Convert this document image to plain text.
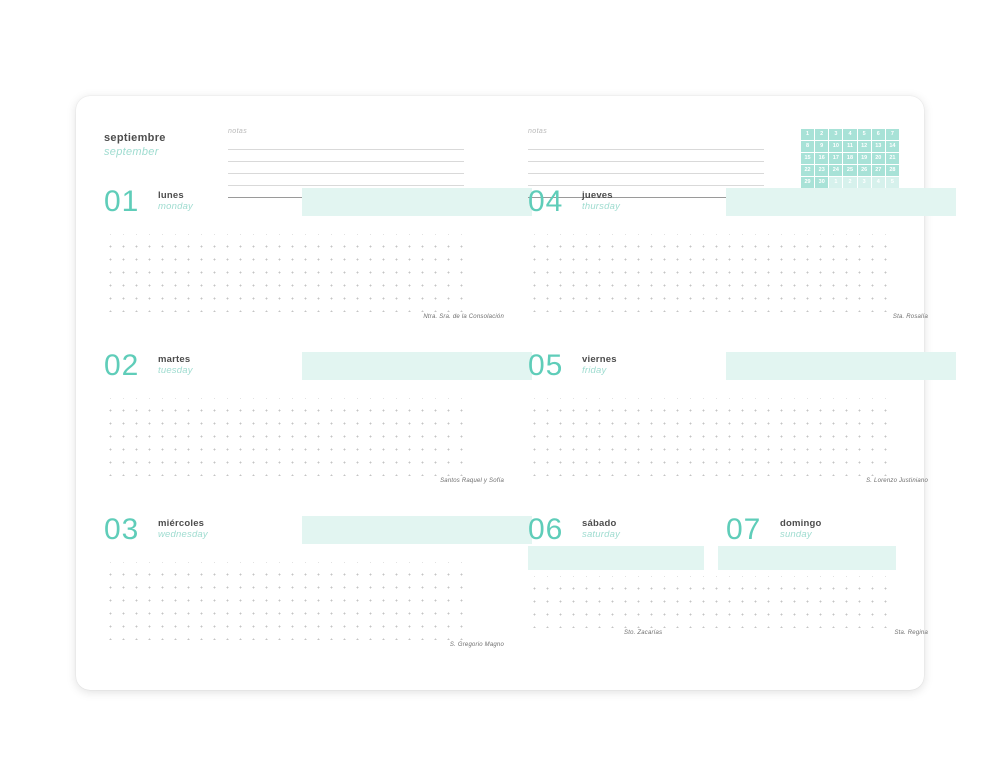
septiembre
september
notas
01 lunes
monday
Ntra. Sra. de la Consolación
02 martes
tuesday
Santos Raquel y Sofía
03 miércoles
wednesday
S. Gregorio Magno
notas	1	2	3	4	5	6	7
8	9	10	11	12	13	14
15	16	17	18	19	20	21
22	23	24	25	26	27	28
29	30	1	2	3	4	5
04 jueves
thursday
Sta. Rosalía
05 viernes
friday
S. Lorenzo Justiniano
06 sábado
saturday	07 domingo
sunday
Sto. Zacarías	Sta. Regina
